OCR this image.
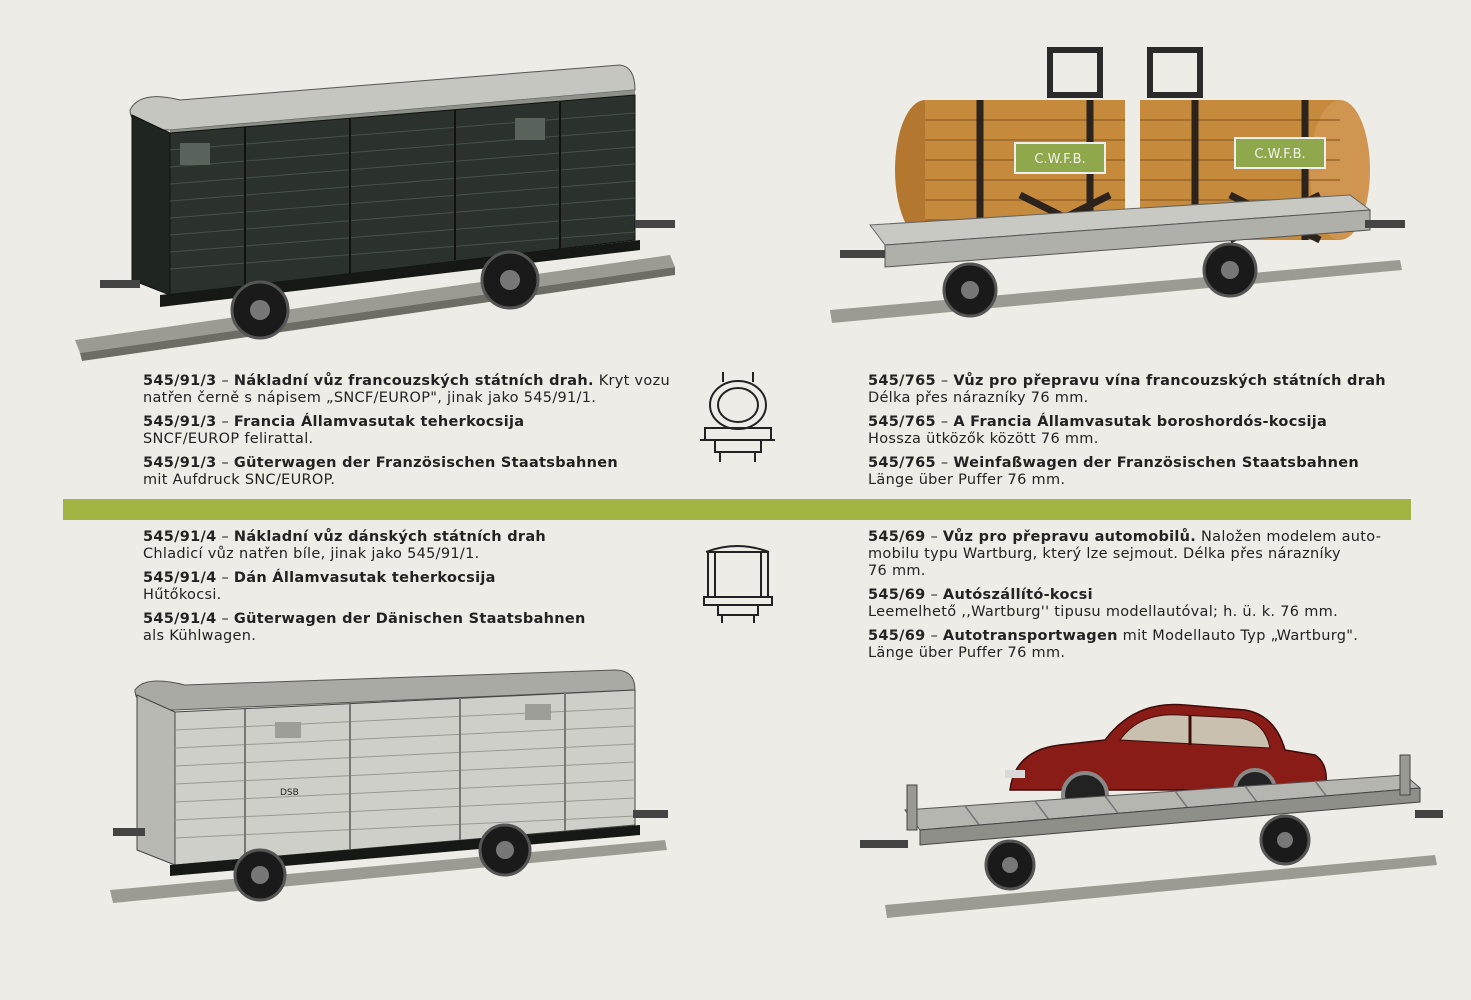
C.W.F.B.	C.W.F.B.
545/91/3 – Nákladní vůz francouzských státních drah. Kryt vozu
natřen černě s nápisem „SNCF/EUROP", jinak jako 545/91/1.
545/91/3 – Francia Államvasutak teherkocsija
SNCF/EUROP felirattal.
545/91/3 – Güterwagen der Französischen Staatsbahnen
mit Aufdruck SNC/EUROP.
545/765 – Vůz pro přepravu vína francouzských státních drah
Délka přes nárazníky 76 mm.
545/765 – A Francia Államvasutak boroshordós-kocsija
Hossza ütközők között 76 mm.
545/765 – Weinfaßwagen der Französischen Staatsbahnen
Länge über Puffer 76 mm.
545/91/4 – Nákladní vůz dánských státních drah
Chladicí vůz natřen bíle, jinak jako 545/91/1.
545/91/4 – Dán Államvasutak teherkocsija
Hűtőkocsi.
545/91/4 – Güterwagen der Dänischen Staatsbahnen
als Kühlwagen.
545/69 – Vůz pro přepravu automobilů. Naložen modelem auto-
mobilu typu Wartburg, který lze sejmout. Délka přes nárazníky
76 mm.
545/69 – Autószállító-kocsi
Leemelhető ,,Wartburg'' tipusu modellautóval; h. ü. k. 76 mm.
545/69 – Autotransportwagen mit Modellauto Typ „Wartburg".
Länge über Puffer 76 mm.
DSB
